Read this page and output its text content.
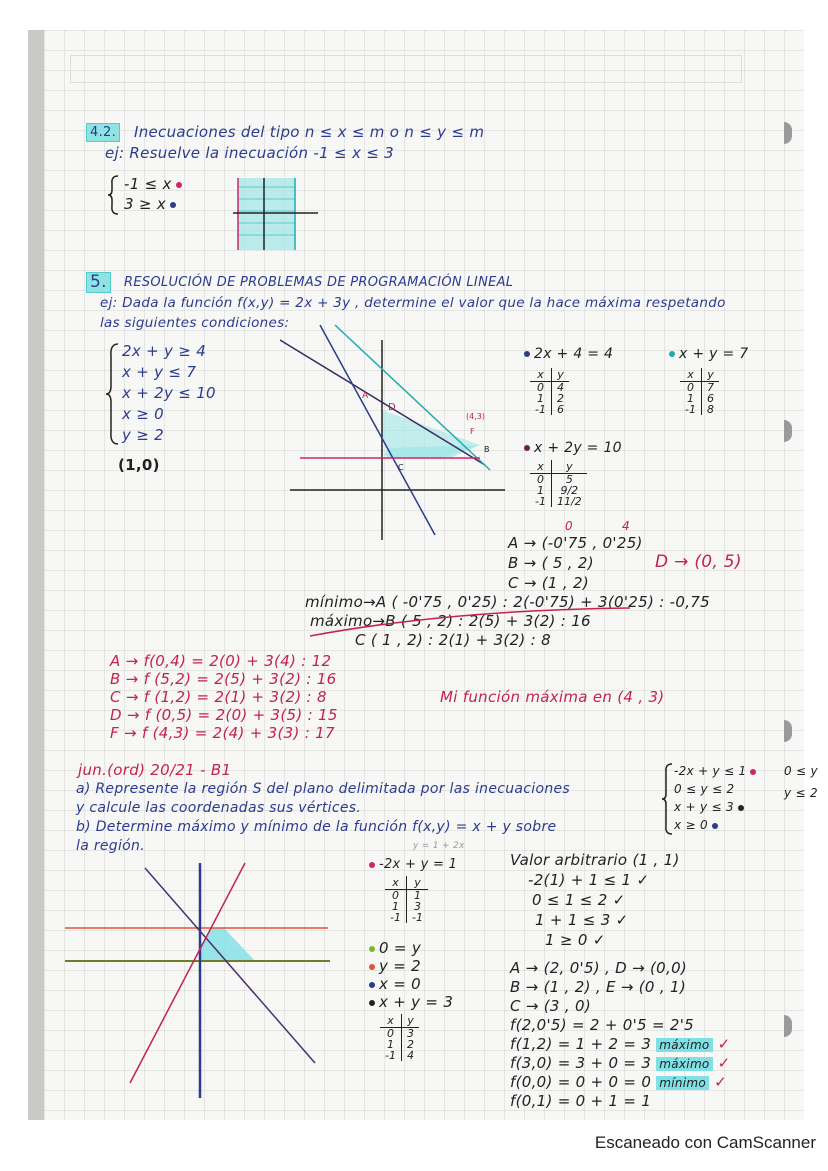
4.2. Inecuaciones del tipo n ≤ x ≤ m o n ≤ y ≤ m
ej: Resuelve la inecuación -1 ≤ x ≤ 3
-1 ≤ x
3 ≥ x
5.	RESOLUCIÓN DE PROBLEMAS DE PROGRAMACIÓN LINEAL
ej: Dada la función f(x,y) = 2x + 3y , determine el valor que la hace máxima respetando
las siguientes condiciones:
2x + y ≥ 4
x + y ≤ 7
x + 2y ≤ 10
x ≥ 0
y ≥ 2
(1,0)
A
D
B
C
F
(4,3)
2x + 4 = 4
x	y
0	4
1	2
-1	6
x + y = 7
x	y
0	7
1	6
-1	8
x + 2y = 10
x	y
0	5
1	9/2
-1	11/2
0	4
A → (-0'75 , 0'25)
B → ( 5 , 2)
C → (1 , 2)
D → (0, 5)
mínimo→A ( -0'75 , 0'25) : 2(-0'75) + 3(0'25) : -0,75
máximo→B ( 5 , 2) : 2(5) + 3(2) : 16
C ( 1 , 2) : 2(1) + 3(2) : 8
A → f(0,4) = 2(0) + 3(4) : 12
B → f (5,2) = 2(5) + 3(2) : 16
C → f (1,2) = 2(1) + 3(2) : 8
D → f (0,5) = 2(0) + 3(5) : 15
F → f (4,3) = 2(4) + 3(3) : 17
Mi función máxima en (4 , 3)
jun.(ord) 20/21 - B1
a) Represente la región S del plano delimitada por las inecuaciones
y calcule las coordenadas sus vértices.
b) Determine máximo y mínimo de la función f(x,y) = x + y sobre
la región.
-2x + y ≤ 1
0 ≤ y ≤ 2
x + y ≤ 3
x ≥ 0
0 ≤ y
y ≤ 2
y = 1 + 2x
-2x + y = 1
x	y
0	1
1	3
-1	-1
0 = y
y = 2
x = 0
x + y = 3
x	y
0	3
1	2
-1	4
Valor arbitrario (1 , 1)
-2(1) + 1 ≤ 1 ✓
0 ≤ 1 ≤ 2 ✓
1 + 1 ≤ 3 ✓
1 ≥ 0 ✓
A → (2, 0'5) , D → (0,0)
B → (1 , 2) , E → (0 , 1)
C → (3 , 0)
f(2,0'5) = 2 + 0'5 = 2'5
f(1,2) = 1 + 2 = 3 máximo ✓
f(3,0) = 3 + 0 = 3 máximo ✓
f(0,0) = 0 + 0 = 0 mínimo ✓
f(0,1) = 0 + 1 = 1
Escaneado con CamScanner
